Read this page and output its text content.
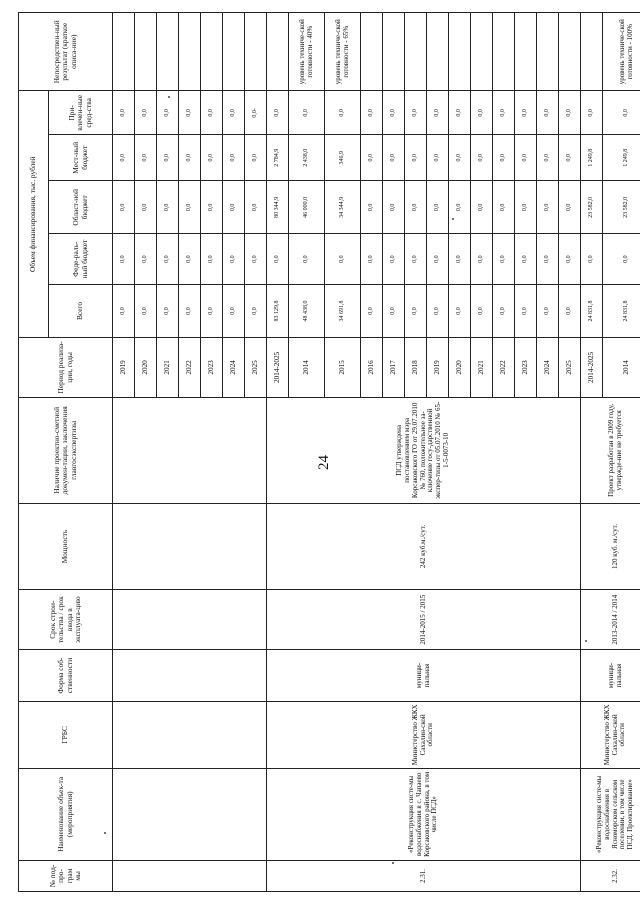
24
№ под-про-грам мы	Наименование объек-та (мероприятия)	ГРБС	Форма соб-ственности	Срок строи-тельства / срок ввода в эксплуата-цию	Мощность	Наличие проектно-сметной докумен-тации, заключения главгосэкспертизы	Период реализа-ции, годы	Объем финансирования, тыс. рублей					Непосредствен-ный результат (краткое описа-ние)
								Всего	Феде-раль-ный бюджет	Област-ной бюджет	Мест-ный бюджет	При-влечен-ные сред-ства	
							2019	0,0	0,0	0,0	0,0	0,0	
							2020	0,0	0,0	0,0	0,0	0,0	
							2021	0,0	0,0	0,0	0,0	0,0	
							2022	0,0	0,0	0,0	0,0	0,0	
							2023	0,0	0,0	0,0	0,0	0,0	
							2024	0,0	0,0	0,0	0,0	0,0	
							2025	0,0	0,0	0,0	0,0	0,0-	
2.31.	«Реконструкция систе-мы водоснабжения в с. Чапаево Корсаковского района, в том числе ПСД»	Министерство ЖКХ Сахалин-ской области	муници-пальная	2014-2015 / 2015	242 куб.м./сут.	ПСД утверждена постановлением мэра Корсаковского ГО от 29.07.2010 № 760, положительное за-ключение госу-дарственной экспер-тизы от 05.07.2010 № 65-1-5-0073-10	2014-2025	83 129,8	0,0	80 344,9	2 784,9	0,0	
							2014	48 438,0	0,0	46 000,0	2 438,0	0,0	уровень техниче-ской готовности - 40%
							2015	34 691,8	0,0	34 344,9	346,9	0,0	уровень техниче-ской готовности - 65%
							2016	0,0	0,0	0,0	0,0	0,0	
							2017	0,0	0,0	0,0	0,0	0,0	
							2018	0,0	0,0	0,0	0,0	0,0	
							2019	0,0	0,0	0,0	0,0	0,0	
							2020	0,0	0,0	0,0	0,0	0,0	
							2021	0,0	0,0	0,0	0,0	0,0	
							2022	0,0	0,0	0,0	0,0	0,0	
							2023	0,0	0,0	0,0	0,0	0,0	
							2024	0,0	0,0	0,0	0,0	0,0	
							2025	0,0	0,0	0,0	0,0	0,0	
2.32.	«Реконструкция систе-мы водоснабжения в Ясноморском сельском поселении, в том числе ПСД. Проектирование»	Министерство ЖКХ Сахалин-ской области	муници-пальная	2013-2014 / 2014	120 куб. м./сут.	Проект разработан в 2009 году, утвержде-ние не требуется	2014-2025	24 831,8	0,0	23 582,0	1 249,8	0,0	
							2014	24 831,8	0,0	23 582,0	1 249,8	0,0	уровень техниче-ской готовности - 100%
